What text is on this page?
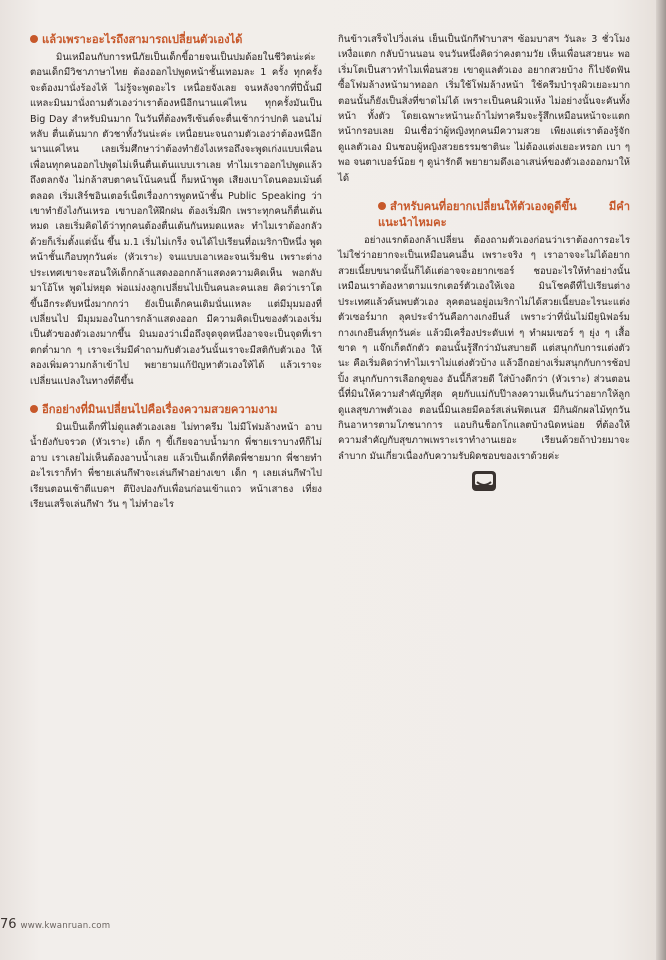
แล้วเพราะอะไรถึงสามารถเปลี่ยนตัวเองได้

มินเหมือนกับการหนีภัยเป็นเด็กขี้อายจนเป็นปมด้อยในชีวิตน่ะค่ะ ตอนเด็กมีวิชาภาษาไทย ต้องออกไปพูดหน้าชั้นเทอมละ 1 ครั้ง ทุกครั้งจะต้องมานั่งร้องไห้ ไม่รู้จะพูดอะไร เหนื่อยจังเลย จนหลังจากที่ปีนั้นมีแหละมินมานั่งถามตัวเองว่าเราต้องหนีอีกนานแค่ไหน ทุกครั้งมันเป็น Big Day สำหรับมินมาก ในวันที่ต้องพรีเซ้นต์จะตื่นเช้ากว่าปกติ นอนไม่หลับ ตื่นเต้นมาก ตัวชาทั้งวันน่ะค่ะ เหนื่อยนะจนถามตัวเองว่าต้องหนีอีกนานแค่ไหน เลยเริ่มศึกษาว่าต้องทำยังไงเหรอถึงจะพูดเก่งแบบเพื่อน เพื่อนทุกคนออกไปพูดไม่เห็นตื่นเต้นแบบเราเลย ทำไมเราออกไปพูดแล้วถึงตลกจัง ไม่กล้าสบตาคนโน้นคนนี้ ก็มหน้าพูด เสียงเบาโดนคอมเม้นต์ตลอด เริ่มเสิร์ชอินเตอร์เน็ตเรื่องการพูดหน้าชั้น Public Speaking ว่าเขาทำยังไงกันเหรอ เขาบอกให้ฝึกฝน ต้องเริ่มฝึก เพราะทุกคนก็ตื่นเต้นหมด เลยเริ่มคิดได้ว่าทุกคนต้องตื่นเต้นกันหมดแหละ ทำไมเราต้องกลัวด้วยก็เริ่มตั้งแต่นั้น ขึ้น ม.1 เริ่มไม่เกร็ง จนได้ไปเรียนที่อเมริกาปีหนึ่ง พูดหน้าชั้นเกือบทุกวันค่ะ (หัวเราะ) จนแบบเอาเหอะจนเริ่มชิน เพราะต่างประเทศเขาจะสอนให้เด็กกล้าแสดงออกกล้าแสดงความคิดเห็น พอกลับมาโอ้โห พูดไม่หยุด พ่อแม่งงลูกเปลี่ยนไปเป็นคนละคนเลย คิดว่าเราโตขึ้นอีกระดับหนึ่งมากกว่า ยังเป็นเด็กคนเดิมนั่นแหละ แต่มีมุมมองที่เปลี่ยนไป มีมุมมองในการกล้าแสดงออก มีความคิดเป็นของตัวเองเริ่มเป็นตัวของตัวเองมากขึ้น มินมองว่าเมื่อถึงจุดจุดหนึ่งอาจจะเป็นจุดที่เราตกต่ำมาก ๆ เราจะเริ่มมีคำถามกับตัวเองวันนั้นเราจะมีสติกับตัวเอง ให้ลองเพิ่มความกล้าเข้าไป พยายามแก้ปัญหาตัวเองให้ได้ แล้วเราจะเปลี่ยนแปลงในทางที่ดีขึ้น

อีกอย่างที่มินเปลี่ยนไปคือเรื่องความสวยความงาม

มินเป็นเด็กที่ไม่ดูแลตัวเองเลย ไม่ทาครีม ไม่มีโฟมล้างหน้า อาบน้ำยังกับจรวด (หัวเราะ) เด็ก ๆ ขี้เกียจอาบน้ำมาก พี่ชายเราบางทีก็ไม่อาบ เราเลยไม่เห็นต้องอาบน้ำเลย แล้วเป็นเด็กที่ติดพี่ชายมาก พี่ชายทำอะไรเราก็ทำ พี่ชายเล่นกีฬาจะเล่นกีฬาอย่างเขา เด็ก ๆ เลยเล่นกีฬาไปเรียนตอนเช้าตีแบดฯ ตีปิงปองกับเพื่อนก่อนเข้าแถว หน้าเสาธง เที่ยงเรียนเสร็จเล่นกีฬา วัน ๆ ไม่ทำอะไร

กินข้าวเสร็จไปวิ่งเล่น เย็นเป็นนักกีฬาบาสฯ ซ้อมบาสฯ วันละ 3 ชั่วโมง เหงื่อแตก กลับบ้านนอน จนวันหนึ่งคิดว่าคงตามวัย เห็นเพื่อนสวยนะ พอเริ่มโตเป็นสาวทำไมเพื่อนสวย เขาดูแลตัวเอง อยากสวยบ้าง ก็ไปจัดฟัน ซื้อโฟมล้างหน้ามาทออก เริ่มใช้โฟมล้างหน้า ใช้ครีมบำรุงผิวเยอะมาก ตอนนั้นก็ยังเป็นสิ่งที่ขาดไม่ได้ เพราะเป็นคนผิวแห้ง ไม่อย่างนั้นจะคันทั้งหน้า ทั้งตัว โดยเฉพาะหน้านะถ้าไม่ทาครีมจะรู้สึกเหมือนหน้าจะแตก หน้ากรอบเลย มินเชื่อว่าผู้หญิงทุกคนมีความสวย เพียงแต่เราต้องรู้จักดูแลตัวเอง มินชอบผู้หญิงสวยธรรมชาตินะ ไม่ต้องแต่งเยอะหรอก เบา ๆ พอ จนตาเบอร์น้อย ๆ ดูน่ารักดี พยายามดึงเอาเสน่ห์ของตัวเองออกมาให้ได้

สำหรับคนที่อยากเปลี่ยนให้ตัวเองดูดีขึ้น มีคำแนะนำไหมคะ

อย่างแรกต้องกล้าเปลี่ยน ต้องถามตัวเองก่อนว่าเราต้องการอะไร ไม่ใช่ว่าอยากจะเป็นเหมือนคนอื่น เพราะจริง ๆ เราอาจจะไม่ได้อยากสวยเนี้ยบขนาดนั้นก็ได้แต่อาจจะอยากเซอร์ ชอบอะไรให้ทำอย่างนั้น เหมือนเราต้องหาตามแรกเตอร์ตัวเองให้เจอ มินโชคดีที่ไปเรียนต่างประเทศแล้วค้นพบตัวเอง ลุคตอนอยู่อเมริกาไม่ได้สวยเนี้ยบอะไรนะแต่งตัวเซอร์มาก ลุคประจำวันคือกางเกงยีนส์ เพราะว่าที่นั่นไม่มียูนิฟอร์ม กางเกงยีนส์ทุกวันค่ะ แล้วมีเครื่องประดับเท่ ๆ ทำผมเซอร์ ๆ ยุ่ง ๆ เสื้อขาด ๆ แจ๊กเก็ตถักตัว ตอนนั้นรู้สึกว่ามันสบายดี แต่สนุกกับการแต่งตัวนะ คือเริ่มคิดว่าทำไมเราไม่แต่งตัวบ้าง แล้วอีกอย่างเริ่มสนุกกับการช้อปปิ้ง สนุกกับการเลือกดูของ อันนี้ก็สวยดี ใส่บ้างดีกว่า (หัวเราะ) ส่วนตอนนี้ที่มินให้ความสำคัญที่สุด คุยกับแม่กับป๊าลงความเห็นกันว่าอยากให้ลูกดูแลสุขภาพตัวเอง ตอนนี้มินเลยมีคอร์สเล่นฟิตเนส มีกินผักผลไม้ทุกวัน กินอาหารตามโภชนาการ แอบกินช็อกโกแลตบ้างนิดหน่อย ที่ต้องให้ความสำคัญกับสุขภาพเพราะเราทำงานเยอะ เรียนด้วยถ้าป่วยมาจะลำบาก มันเกี่ยวเนื่องกับความรับผิดชอบของเราด้วยค่ะ

76 www.kwanruan.com
